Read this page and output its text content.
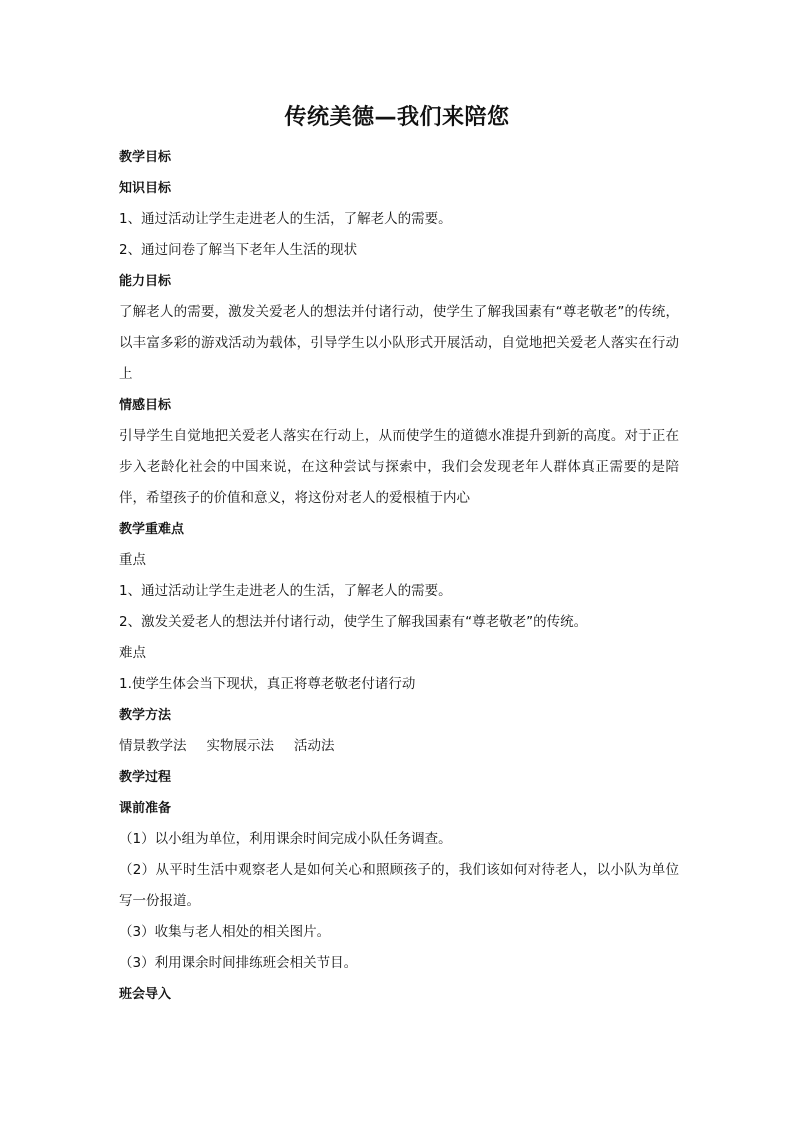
传统美德—我们来陪您
教学目标
知识目标
1、通过活动让学生走进老人的生活，了解老人的需要。
2、通过问卷了解当下老年人生活的现状
能力目标

了解老人的需要，激发关爱老人的想法并付诸行动，使学生了解我国素有“尊老敬老”的传统，以丰富多彩的游戏活动为载体，引导学生以小队形式开展活动，自觉地把关爱老人落实在行动上

情感目标

引导学生自觉地把关爱老人落实在行动上，从而使学生的道德水准提升到新的高度。对于正在步入老龄化社会的中国来说，在这种尝试与探索中，我们会发现老年人群体真正需要的是陪伴，希望孩子的价值和意义，将这份对老人的爱根植于内心

教学重难点
重点
1、通过活动让学生走进老人的生活，了解老人的需要。
2、激发关爱老人的想法并付诸行动，使学生了解我国素有“尊老敬老”的传统。
难点
1.使学生体会当下现状，真正将尊老敬老付诸行动
教学方法
情景教学法 实物展示法 活动法
教学过程
课前准备
（1）以小组为单位，利用课余时间完成小队任务调查。

（2）从平时生活中观察老人是如何关心和照顾孩子的，我们该如何对待老人，以小队为单位写一份报道。

（3）收集与老人相处的相关图片。
（3）利用课余时间排练班会相关节目。
班会导入
